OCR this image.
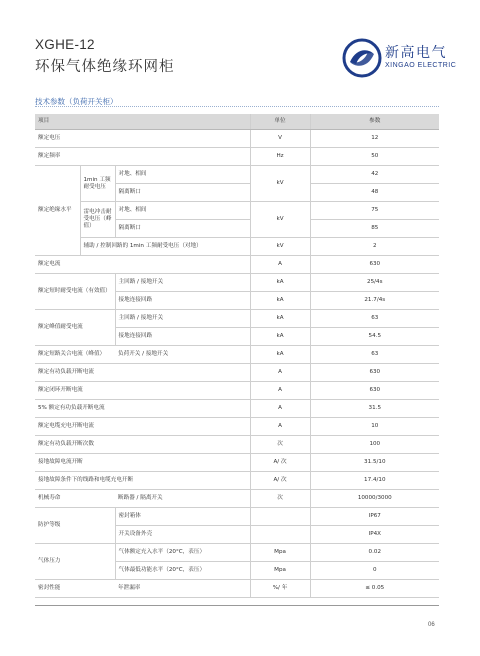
XGHE-12
环保气体绝缘环网柜
新高电气
XINGAO ELECTRIC
技术参数（负荷开关柜）
项目			单位	参数
额定电压			V	12
额定频率			Hz	50
额定绝缘水平	1min 工频耐受电压	对地、相间	kV	42
		隔离断口		48
	雷电冲击耐受电压（峰值）	对地、相间	kV	75
		隔离断口		85
	辅助 / 控制回路的 1min 工频耐受电压（对地）		kV	2
额定电流			A	630
额定短时耐受电流（有效值）		主回路 / 接地开关	kA	25/4s
		接地连接回路	kA	21.7/4s
额定峰值耐受电流		主回路 / 接地开关	kA	63
		接地连接回路	kA	54.5
额定短路关合电流（峰值）		负荷开关 / 接地开关	kA	63
额定有功负载开断电流			A	630
额定闭环开断电流			A	630
5% 额定有功负载开断电流			A	31.5
额定电缆充电开断电流			A	10
额定有功负载开断次数			次	100
接地故障电流开断			A/ 次	31.5/10
接地故障条件下的线路和电缆充电开断			A/ 次	17.4/10
机械寿命		断路器 / 隔离开关	次	10000/3000
防护等级		密封箱体		IP67
		开关设备外壳		IP4X
气体压力		气体额定充入水平（20°C，表压）	Mpa	0.02
		气体最低功能水平（20°C，表压）	Mpa	0
密封性能		年泄漏率	%/ 年	≤ 0.05
06
